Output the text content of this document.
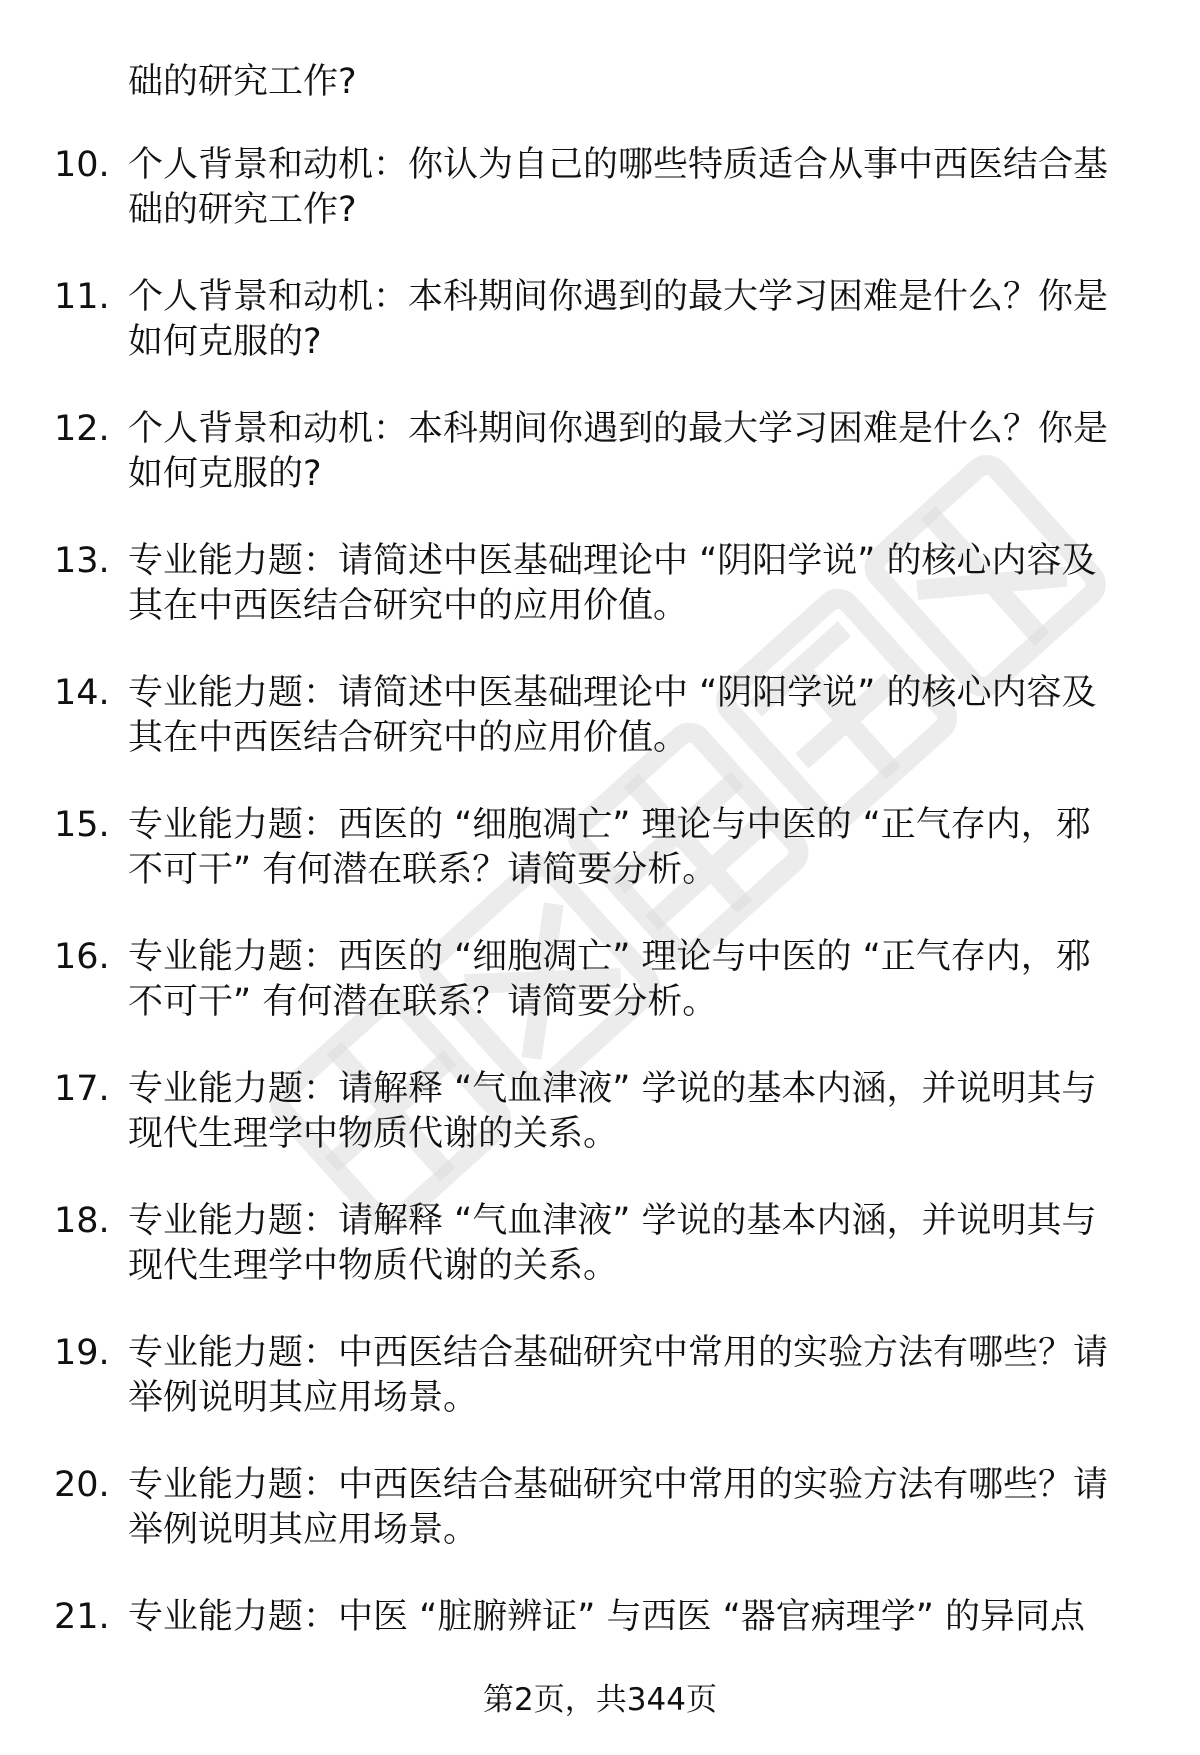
础的研究工作?
10. 个人背景和动机：你认为自己的哪些特质适合从事中西医结合基
础的研究工作?
11. 个人背景和动机：本科期间你遇到的最大学习困难是什么？你是
如何克服的?
12. 个人背景和动机：本科期间你遇到的最大学习困难是什么？你是
如何克服的?
13. 专业能力题：请简述中医基础理论中 “阴阳学说” 的核心内容及
其在中西医结合研究中的应用价值。
14. 专业能力题：请简述中医基础理论中 “阴阳学说” 的核心内容及
其在中西医结合研究中的应用价值。
15. 专业能力题：西医的 “细胞凋亡” 理论与中医的 “正气存内，邪
不可干” 有何潜在联系？请简要分析。
16. 专业能力题：西医的 “细胞凋亡” 理论与中医的 “正气存内，邪
不可干” 有何潜在联系？请简要分析。
17. 专业能力题：请解释 “气血津液” 学说的基本内涵，并说明其与
现代生理学中物质代谢的关系。
18. 专业能力题：请解释 “气血津液” 学说的基本内涵，并说明其与
现代生理学中物质代谢的关系。
19. 专业能力题：中西医结合基础研究中常用的实验方法有哪些？请
举例说明其应用场景。
20. 专业能力题：中西医结合基础研究中常用的实验方法有哪些？请
举例说明其应用场景。
21. 专业能力题：中医 “脏腑辨证” 与西医 “器官病理学” 的异同点
第2页，共344页
